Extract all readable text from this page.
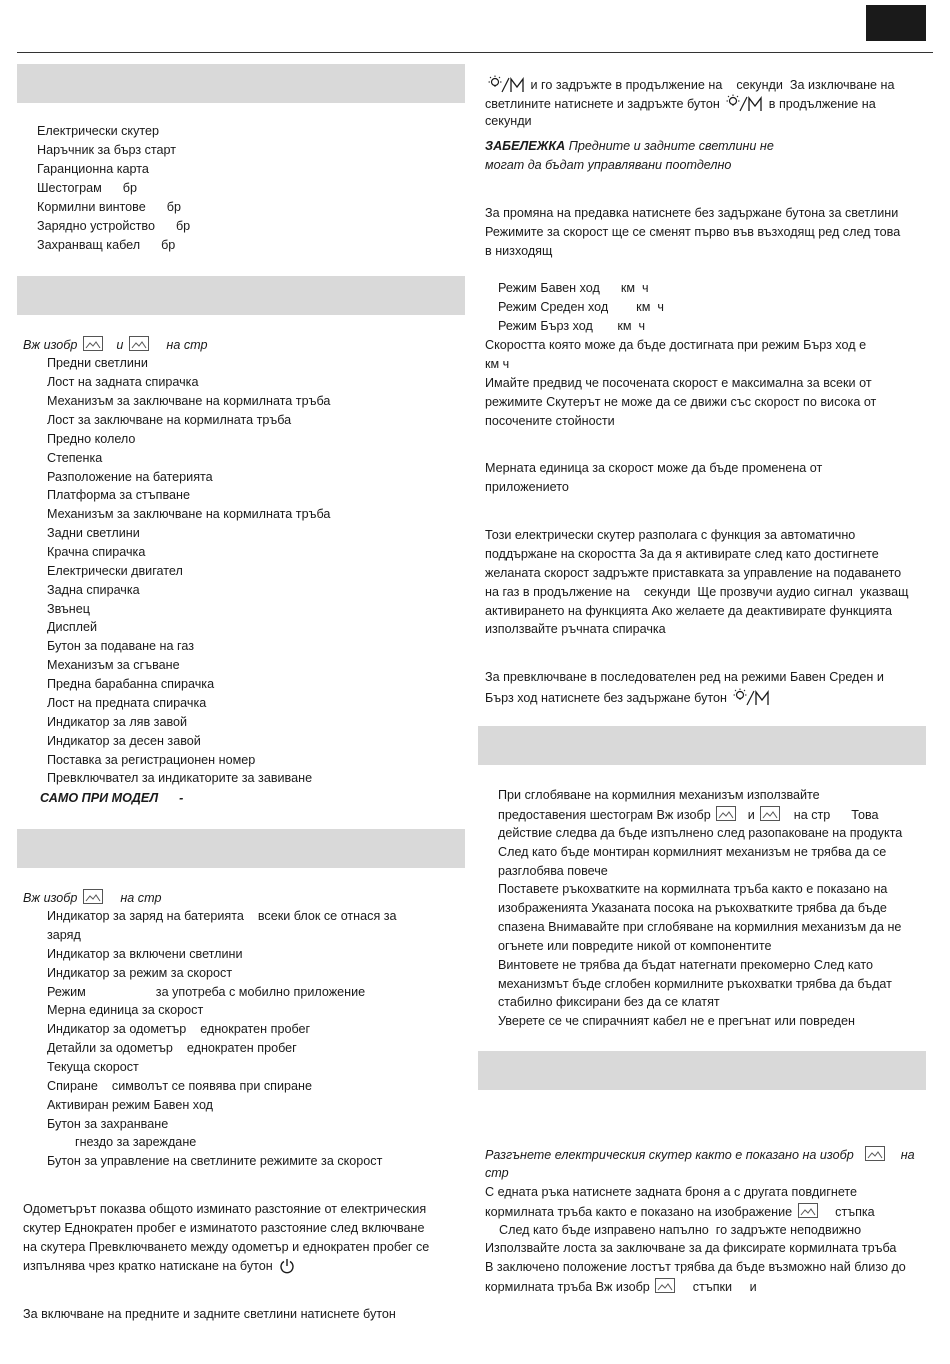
Електрически скутер
Наръчник за бърз старт
Гаранционна карта
Шестограм      бр
Кормилни винтове      бр
Зарядно устройство      бр
Захранващ кабел      бр
Вж изобр	и	на стр
Предни светлини
Лост на задната спирачка
Механизъм за заключване на кормилната тръба
Лост за заключване на кормилната тръба
Предно колело
Степенка
Разположение на батерията
Платформа за стъпване
Механизъм за заключване на кормилната тръба
Задни светлини
Крачна спирачка
Електрически двигател
Задна спирачка
Звънец
Дисплей
Бутон за подаване на газ
Механизъм за сгъване
Предна барабанна спирачка
Лост на предната спирачка
Индикатор за ляв завой
Индикатор за десен завой
Поставка за регистрационен номер
Превключвател за индикаторите за завиване
САМО ПРИ МОДЕЛ      -
Вж изобр	на стр
Индикатор за заряд на батерията    всеки блок се отнася за
заряд
Индикатор за включени светлини
Индикатор за режим за скорост
Режим                    за употреба с мобилно приложение
Мерна единица за скорост
Индикатор за одометър    еднократен пробег
Детайли за одометър    еднократен пробег
Текуща скорост
Спиране    символът се появява при спиране
Активиран режим Бавен ход
Бутон за захранване
гнездо за зареждане
Бутон за управление на светлините режимите за скорост
Одометърът показва общото изминато разстояние от електрическия
скутер Еднократен пробег е изминатото разстояние след включване
на скутера Превключването между одометър и еднократен пробег се
изпълнява чрез кратко натискане на бутон
За включване на предните и задните светлини натиснете бутон
и го задръжте в продължение на    секунди  За изключване на
светлините натиснете и задръжте бутон	в продължение на
секунди
ЗАБЕЛЕЖКА Предните и задните светлини не
могат да бъдат управлявани поотделно
За промяна на предавка натиснете без задържане бутона за светлини
Режимите за скорост ще се сменят първо във възходящ ред след това
в низходящ
Режим Бавен ход      км  ч
Режим Среден ход        км  ч
Режим Бърз ход       км  ч
Скоростта която може да бъде достигната при режим Бърз ход е
км ч
Имайте предвид че посочената скорост е максимална за всеки от
режимите Скутерът не може да се движи със скорост по висока от
посочените стойности
Мерната единица за скорост може да бъде променена от
приложението
Този електрически скутер разполага с функция за автоматично
поддържане на скоростта За да я активирате след като достигнете
желаната скорост задръжте приставката за управление на подаването
на газ в продължение на    секунди  Ще прозвучи аудио сигнал  указващ
активирането на функцията Ако желаете да деактивирате функцията
използвайте ръчната спирачка
За превключване в последователен ред на режими Бавен Среден и
Бърз ход натиснете без задържане бутон
При сглобяване на кормилния механизъм използвайте
предоставения шестограм Вж изобр	и	на стр      Това
действие следва да бъде изпълнено след разопаковане на продукта
След като бъде монтиран кормилният механизъм не трябва да се
разглобява повече
Поставете ръкохватките на кормилната тръба както е показано на
изображенията Указаната посока на ръкохватките трябва да бъде
спазена Внимавайте при сглобяване на кормилния механизъм да не
огънете или повредите никой от компонентите
Винтовете не трябва да бъдат натегнати прекомерно След като
механизмът бъде сглобен кормилните ръкохватки трябва да бъдат
стабилно фиксирани без да се клатят
Уверете се че спирачният кабел не е прегънат или повреден
Разгънете електрическия скутер както е показано на изобр	на
стр
С едната ръка натиснете задната броня а с другата повдигнете
кормилната тръба както е показано на изображение	стъпка
След като бъде изправено напълно  го задръжте неподвижно
Използвайте лоста за заключване за да фиксирате кормилната тръба
В заключено положение лостът трябва да бъде възможно най близо до
кормилната тръба Вж изобр	стъпки     и
